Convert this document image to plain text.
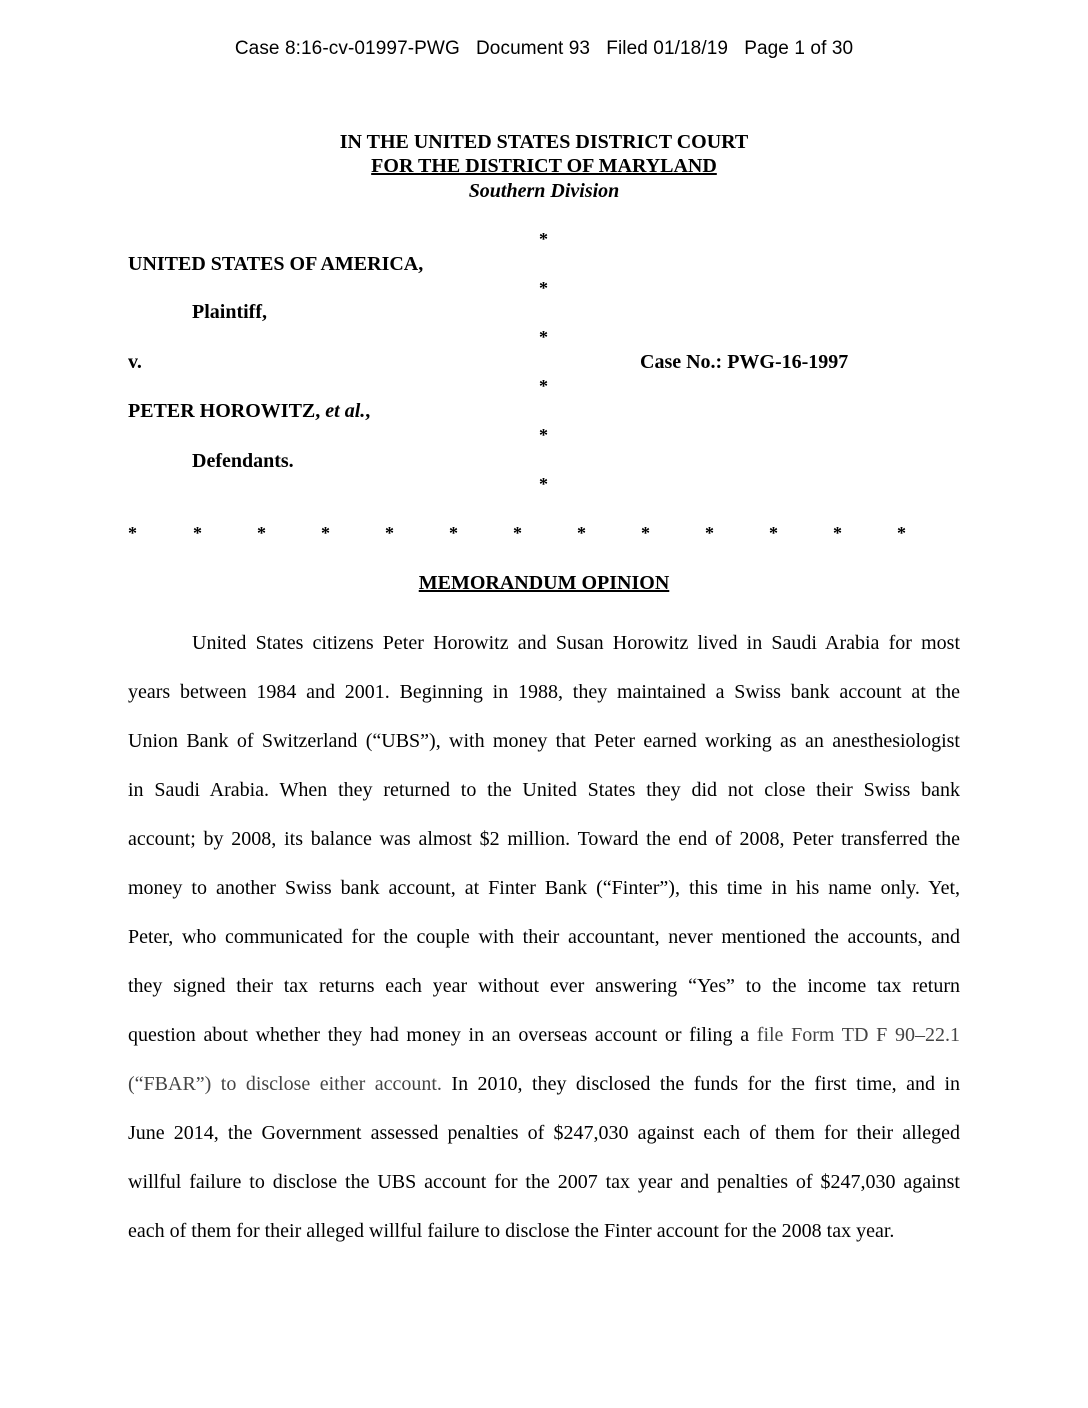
Case 8:16-cv-01997-PWG Document 93 Filed 01/18/19 Page 1 of 30
IN THE UNITED STATES DISTRICT COURT
FOR THE DISTRICT OF MARYLAND
Southern Division
UNITED STATES OF AMERICA,
Plaintiff,
v.
PETER HOROWITZ, et al.,
Defendants.
Case No.: PWG-16-1997
*
*
*
*
*
*
*	*	*	*	*	*	*	*	*	*	*	*	*
MEMORANDUM OPINION
United States citizens Peter Horowitz and Susan Horowitz lived in Saudi Arabia for most
years between 1984 and 2001. Beginning in 1988, they maintained a Swiss bank account at the
Union Bank of Switzerland (“UBS”), with money that Peter earned working as an anesthesiologist
in Saudi Arabia. When they returned to the United States they did not close their Swiss bank
account; by 2008, its balance was almost $2 million. Toward the end of 2008, Peter transferred the
money to another Swiss bank account, at Finter Bank (“Finter”), this time in his name only. Yet,
Peter, who communicated for the couple with their accountant, never mentioned the accounts, and
they signed their tax returns each year without ever answering “Yes” to the income tax return
question about whether they had money in an overseas account or filing a file Form TD F 90–22.1
(“FBAR”) to disclose either account. In 2010, they disclosed the funds for the first time, and in
June 2014, the Government assessed penalties of $247,030 against each of them for their alleged
willful failure to disclose the UBS account for the 2007 tax year and penalties of $247,030 against
each of them for their alleged willful failure to disclose the Finter account for the 2008 tax year.
